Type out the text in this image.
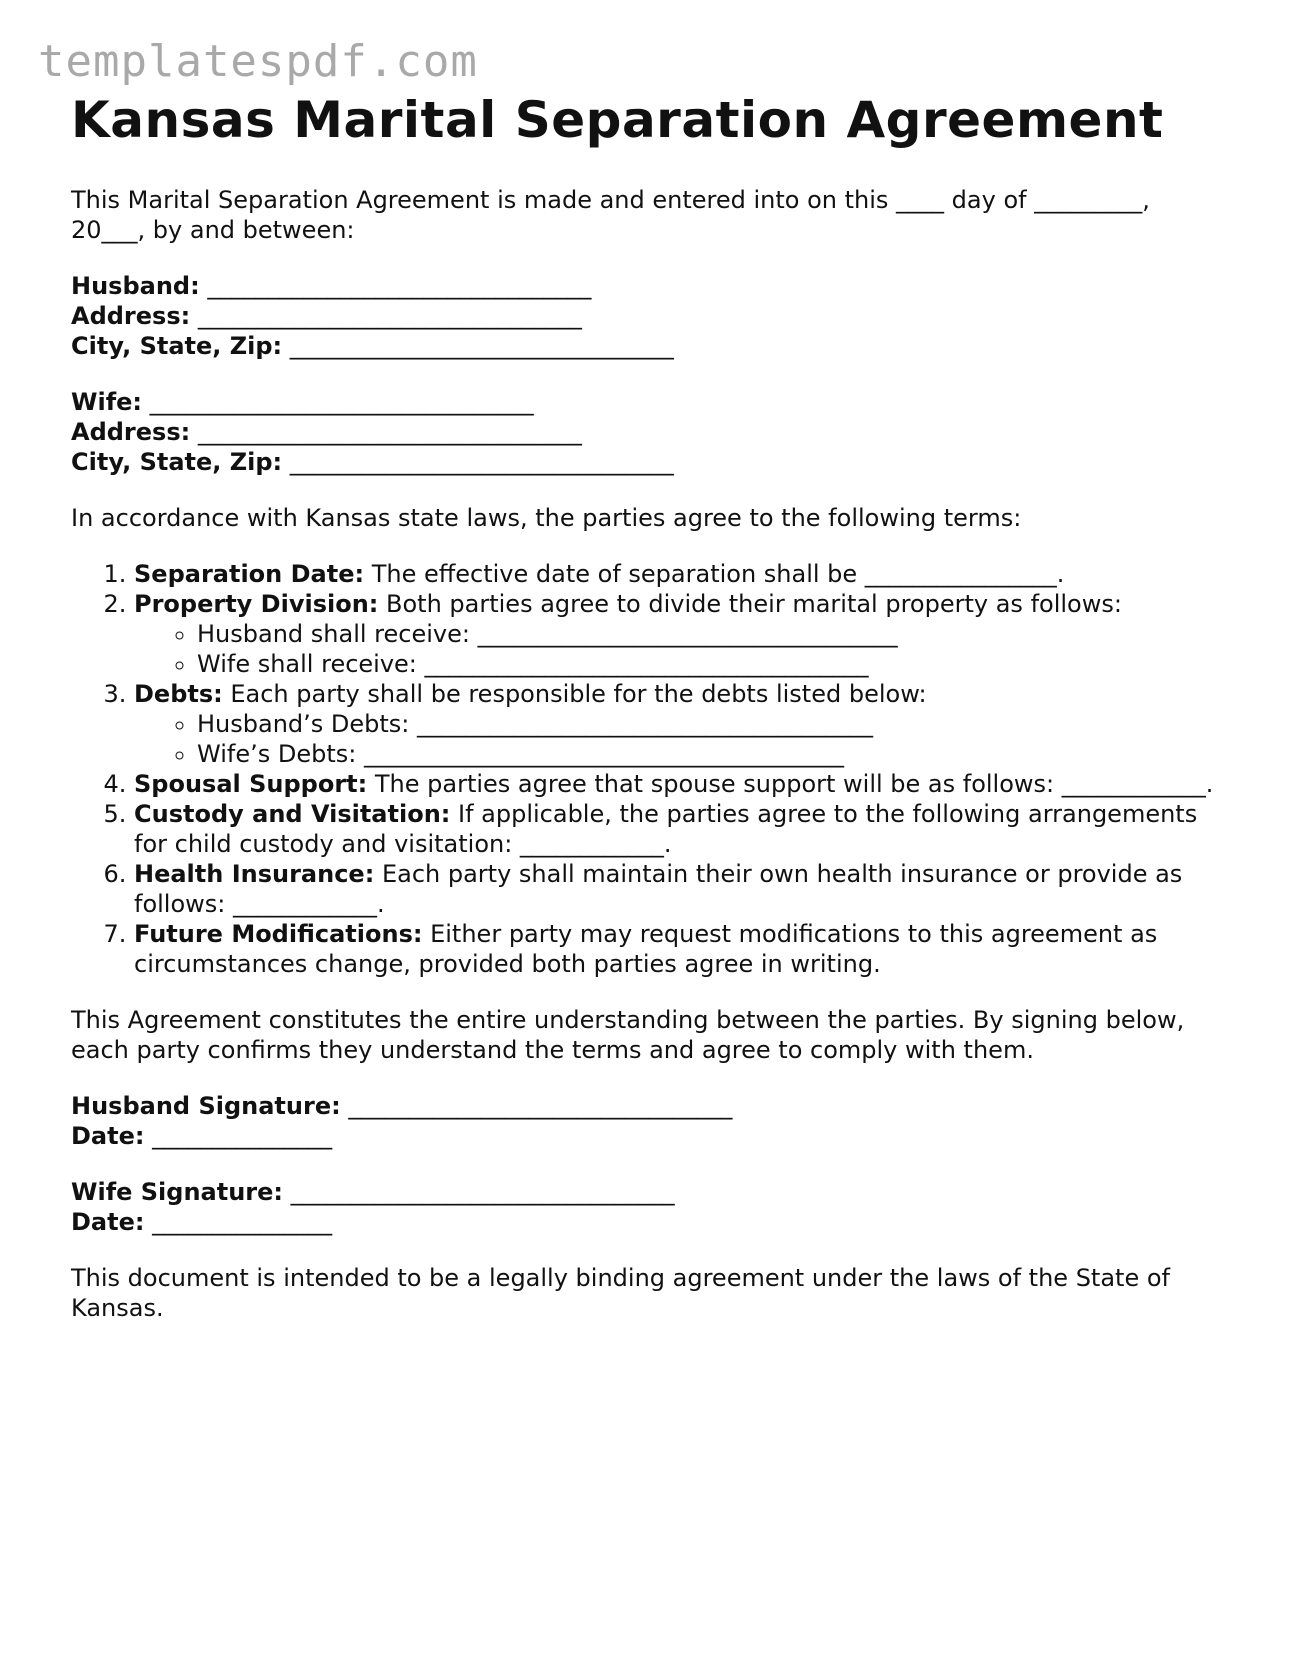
templatespdf.com
Kansas Marital Separation Agreement

This Marital Separation Agreement is made and entered into on this ____ day of _________, 20___, by and between:

Husband: ________________________________
Address: ________________________________
City, State, Zip: ________________________________
Wife: ________________________________
Address: ________________________________
City, State, Zip: ________________________________

In accordance with Kansas state laws, the parties agree to the following terms:

1. Separation Date: The effective date of separation shall be ________________.
2. Property Division: Both parties agree to divide their marital property as follows:
◦ Husband shall receive: ___________________________________
◦ Wife shall receive: _____________________________________
3. Debts: Each party shall be responsible for the debts listed below:
◦ Husband’s Debts: ______________________________________
◦ Wife’s Debts: ________________________________________
4. Spousal Support: The parties agree that spouse support will be as follows: ____________.
5. Custody and Visitation: If applicable, the parties agree to the following arrangements for child custody and visitation: ____________.
6. Health Insurance: Each party shall maintain their own health insurance or provide as follows: ____________.
7. Future Modifications: Either party may request modifications to this agreement as circumstances change, provided both parties agree in writing.

This Agreement constitutes the entire understanding between the parties. By signing below, each party confirms they understand the terms and agree to comply with them.

Husband Signature: ________________________________
Date: _______________
Wife Signature: ________________________________
Date: _______________

This document is intended to be a legally binding agreement under the laws of the State of Kansas.
